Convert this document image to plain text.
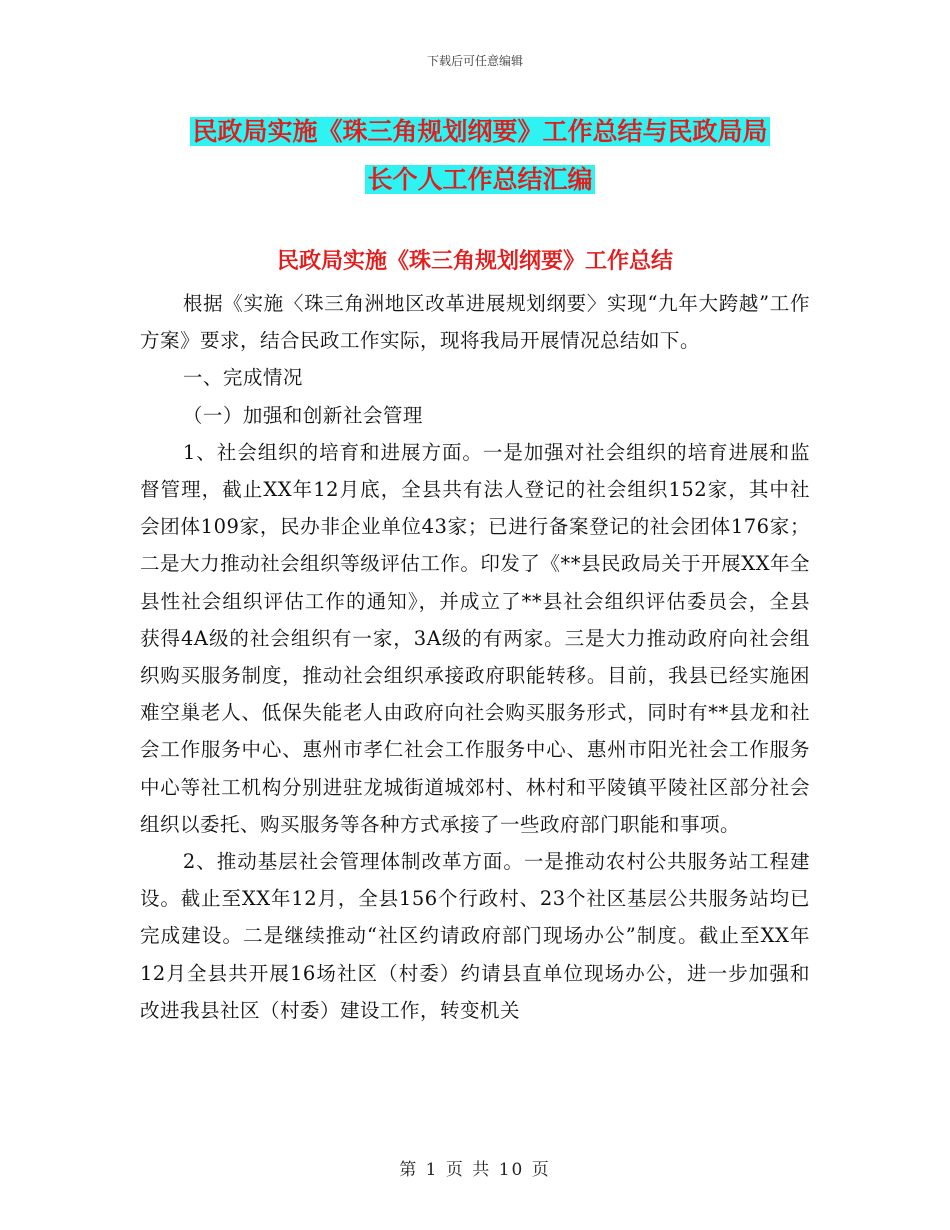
下载后可任意编辑
民政局实施《珠三角规划纲要》工作总结与民政局局
长个人工作总结汇编
民政局实施《珠三角规划纲要》工作总结

根据《实施〈珠三角洲地区改革进展规划纲要〉实现“九年大跨越”工作方案》要求，结合民政工作实际，现将我局开展情况总结如下。

一、完成情况

（一）加强和创新社会管理

1、社会组织的培育和进展方面。一是加强对社会组织的培育进展和监督管理，截止XX年12月底，全县共有法人登记的社会组织152家，其中社会团体109家，民办非企业单位43家；已进行备案登记的社会团体176家；二是大力推动社会组织等级评估工作。印发了《**县民政局关于开展XX年全县性社会组织评估工作的通知》，并成立了**县社会组织评估委员会，全县获得4A级的社会组织有一家，3A级的有两家。三是大力推动政府向社会组织购买服务制度，推动社会组织承接政府职能转移。目前，我县已经实施困难空巢老人、低保失能老人由政府向社会购买服务形式，同时有**县龙和社会工作服务中心、惠州市孝仁社会工作服务中心、惠州市阳光社会工作服务中心等社工机构分别进驻龙城街道城郊村、林村和平陵镇平陵社区部分社会组织以委托、购买服务等各种方式承接了一些政府部门职能和事项。

2、推动基层社会管理体制改革方面。一是推动农村公共服务站工程建设。截止至XX年12月，全县156个行政村、23个社区基层公共服务站均已完成建设。二是继续推动“社区约请政府部门现场办公”制度。截止至XX年12月全县共开展16场社区（村委）约请县直单位现场办公，进一步加强和改进我县社区（村委）建设工作，转变机关

第 1 页 共 10 页
